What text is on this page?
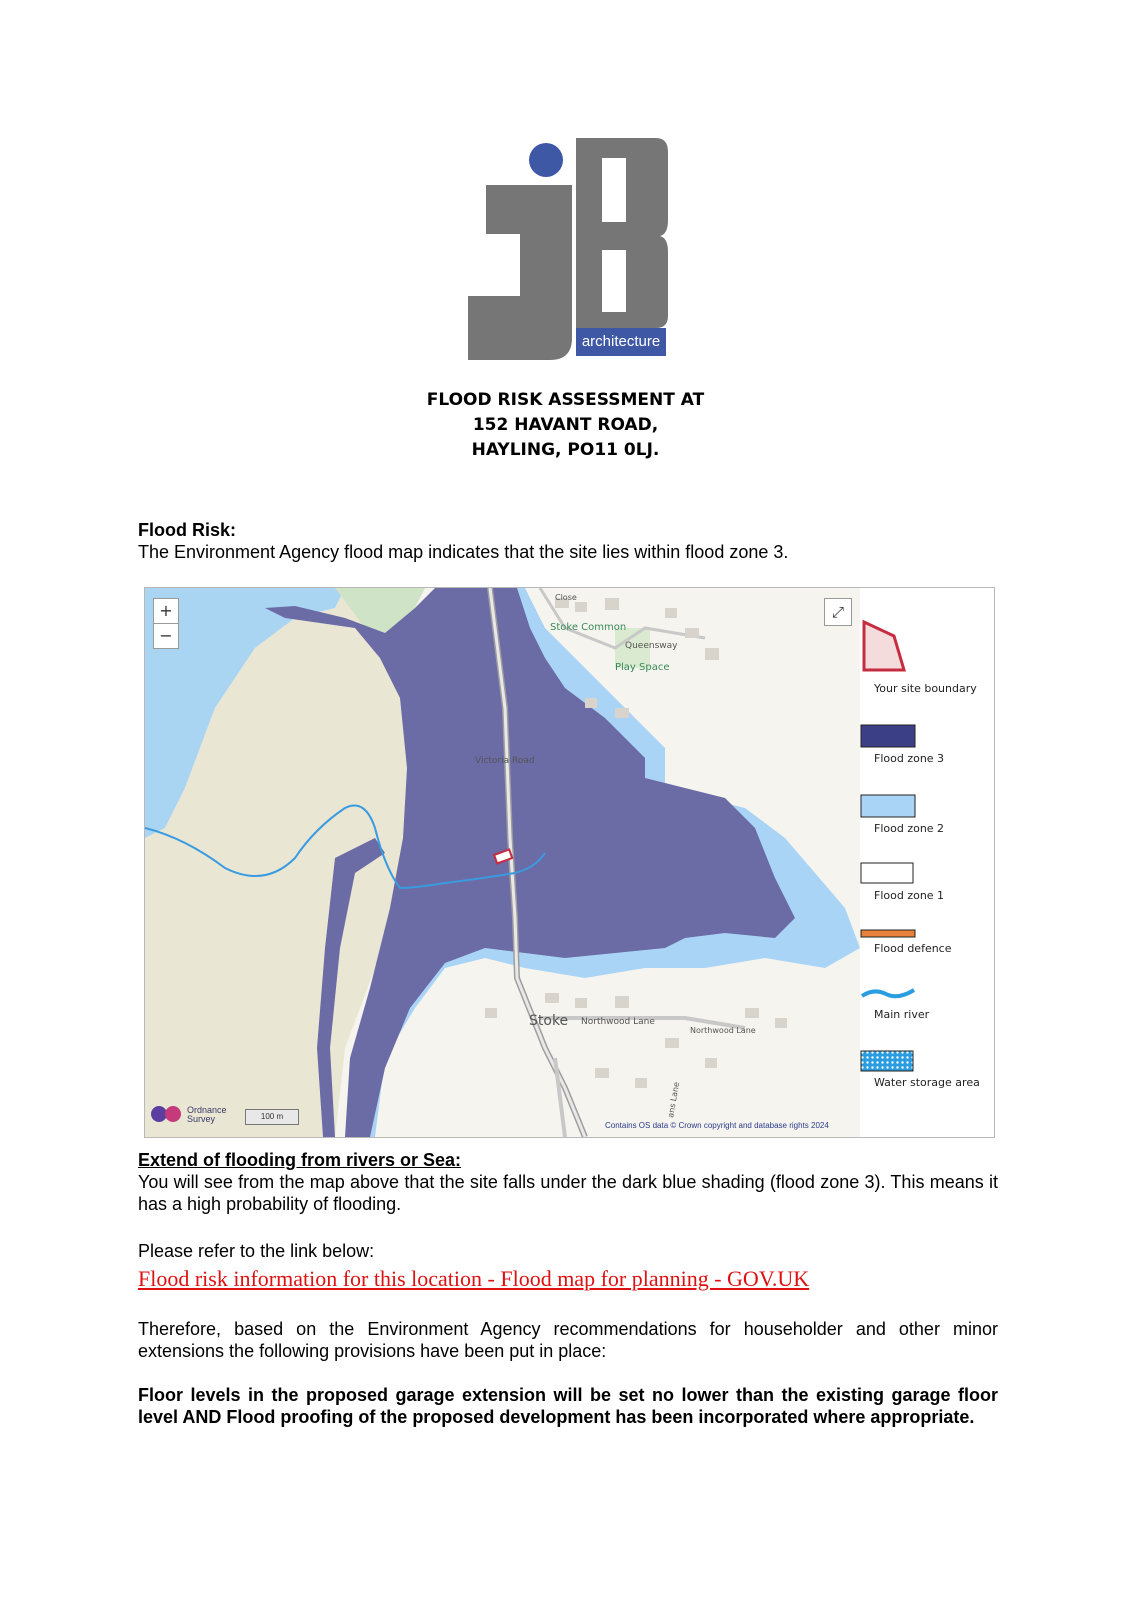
architecture
FLOOD RISK ASSESSMENT AT
152 HAVANT ROAD,
HAYLING, PO11 0LJ.
Flood Risk:
The Environment Agency flood map indicates that the site lies within flood zone 3.
Stoke Common
Queensway
Play Space
Victoria Road
Close
Stoke Northwood Lane
Northwood Lane
ans Lane
+
−
⤢
Ordnance Survey	100 m
Contains OS data © Crown copyright and database rights 2024
Your site boundary
Flood zone 3
Flood zone 2
Flood zone 1
Flood defence
Main river
Water storage area
Extend of flooding from rivers or Sea:
You will see from the map above that the site falls under the dark blue shading (flood zone 3). This means it has a high probability of flooding.
Please refer to the link below:
Flood risk information for this location - Flood map for planning - GOV.UK
Therefore, based on the Environment Agency recommendations for householder and other minor extensions the following provisions have been put in place:
Floor levels in the proposed garage extension will be set no lower than the existing garage floor level AND Flood proofing of the proposed development has been incorporated where appropriate.
